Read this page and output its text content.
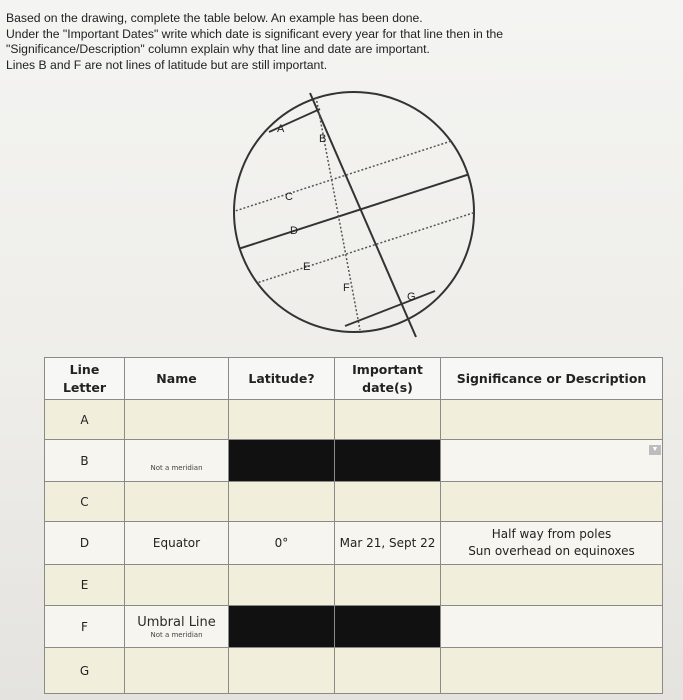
Based on the drawing, complete the table below. An example has been done.
Under the "Important Dates" write which date is significant every year for that line then in the
"Significance/Description" column explain why that line and date are important.
Lines B and F are not lines of latitude but are still important.
A
B
C
D
E
F
G
Line Letter	Name	Latitude?	Important date(s)	Significance or Description
A				
B	Not a meridian			

C				
D	Equator	0°	Mar 21, Sept 22	Half way from poles
Sun overhead on equinoxes

E				
F	Umbral Line
Not a meridian			

G				
▼
